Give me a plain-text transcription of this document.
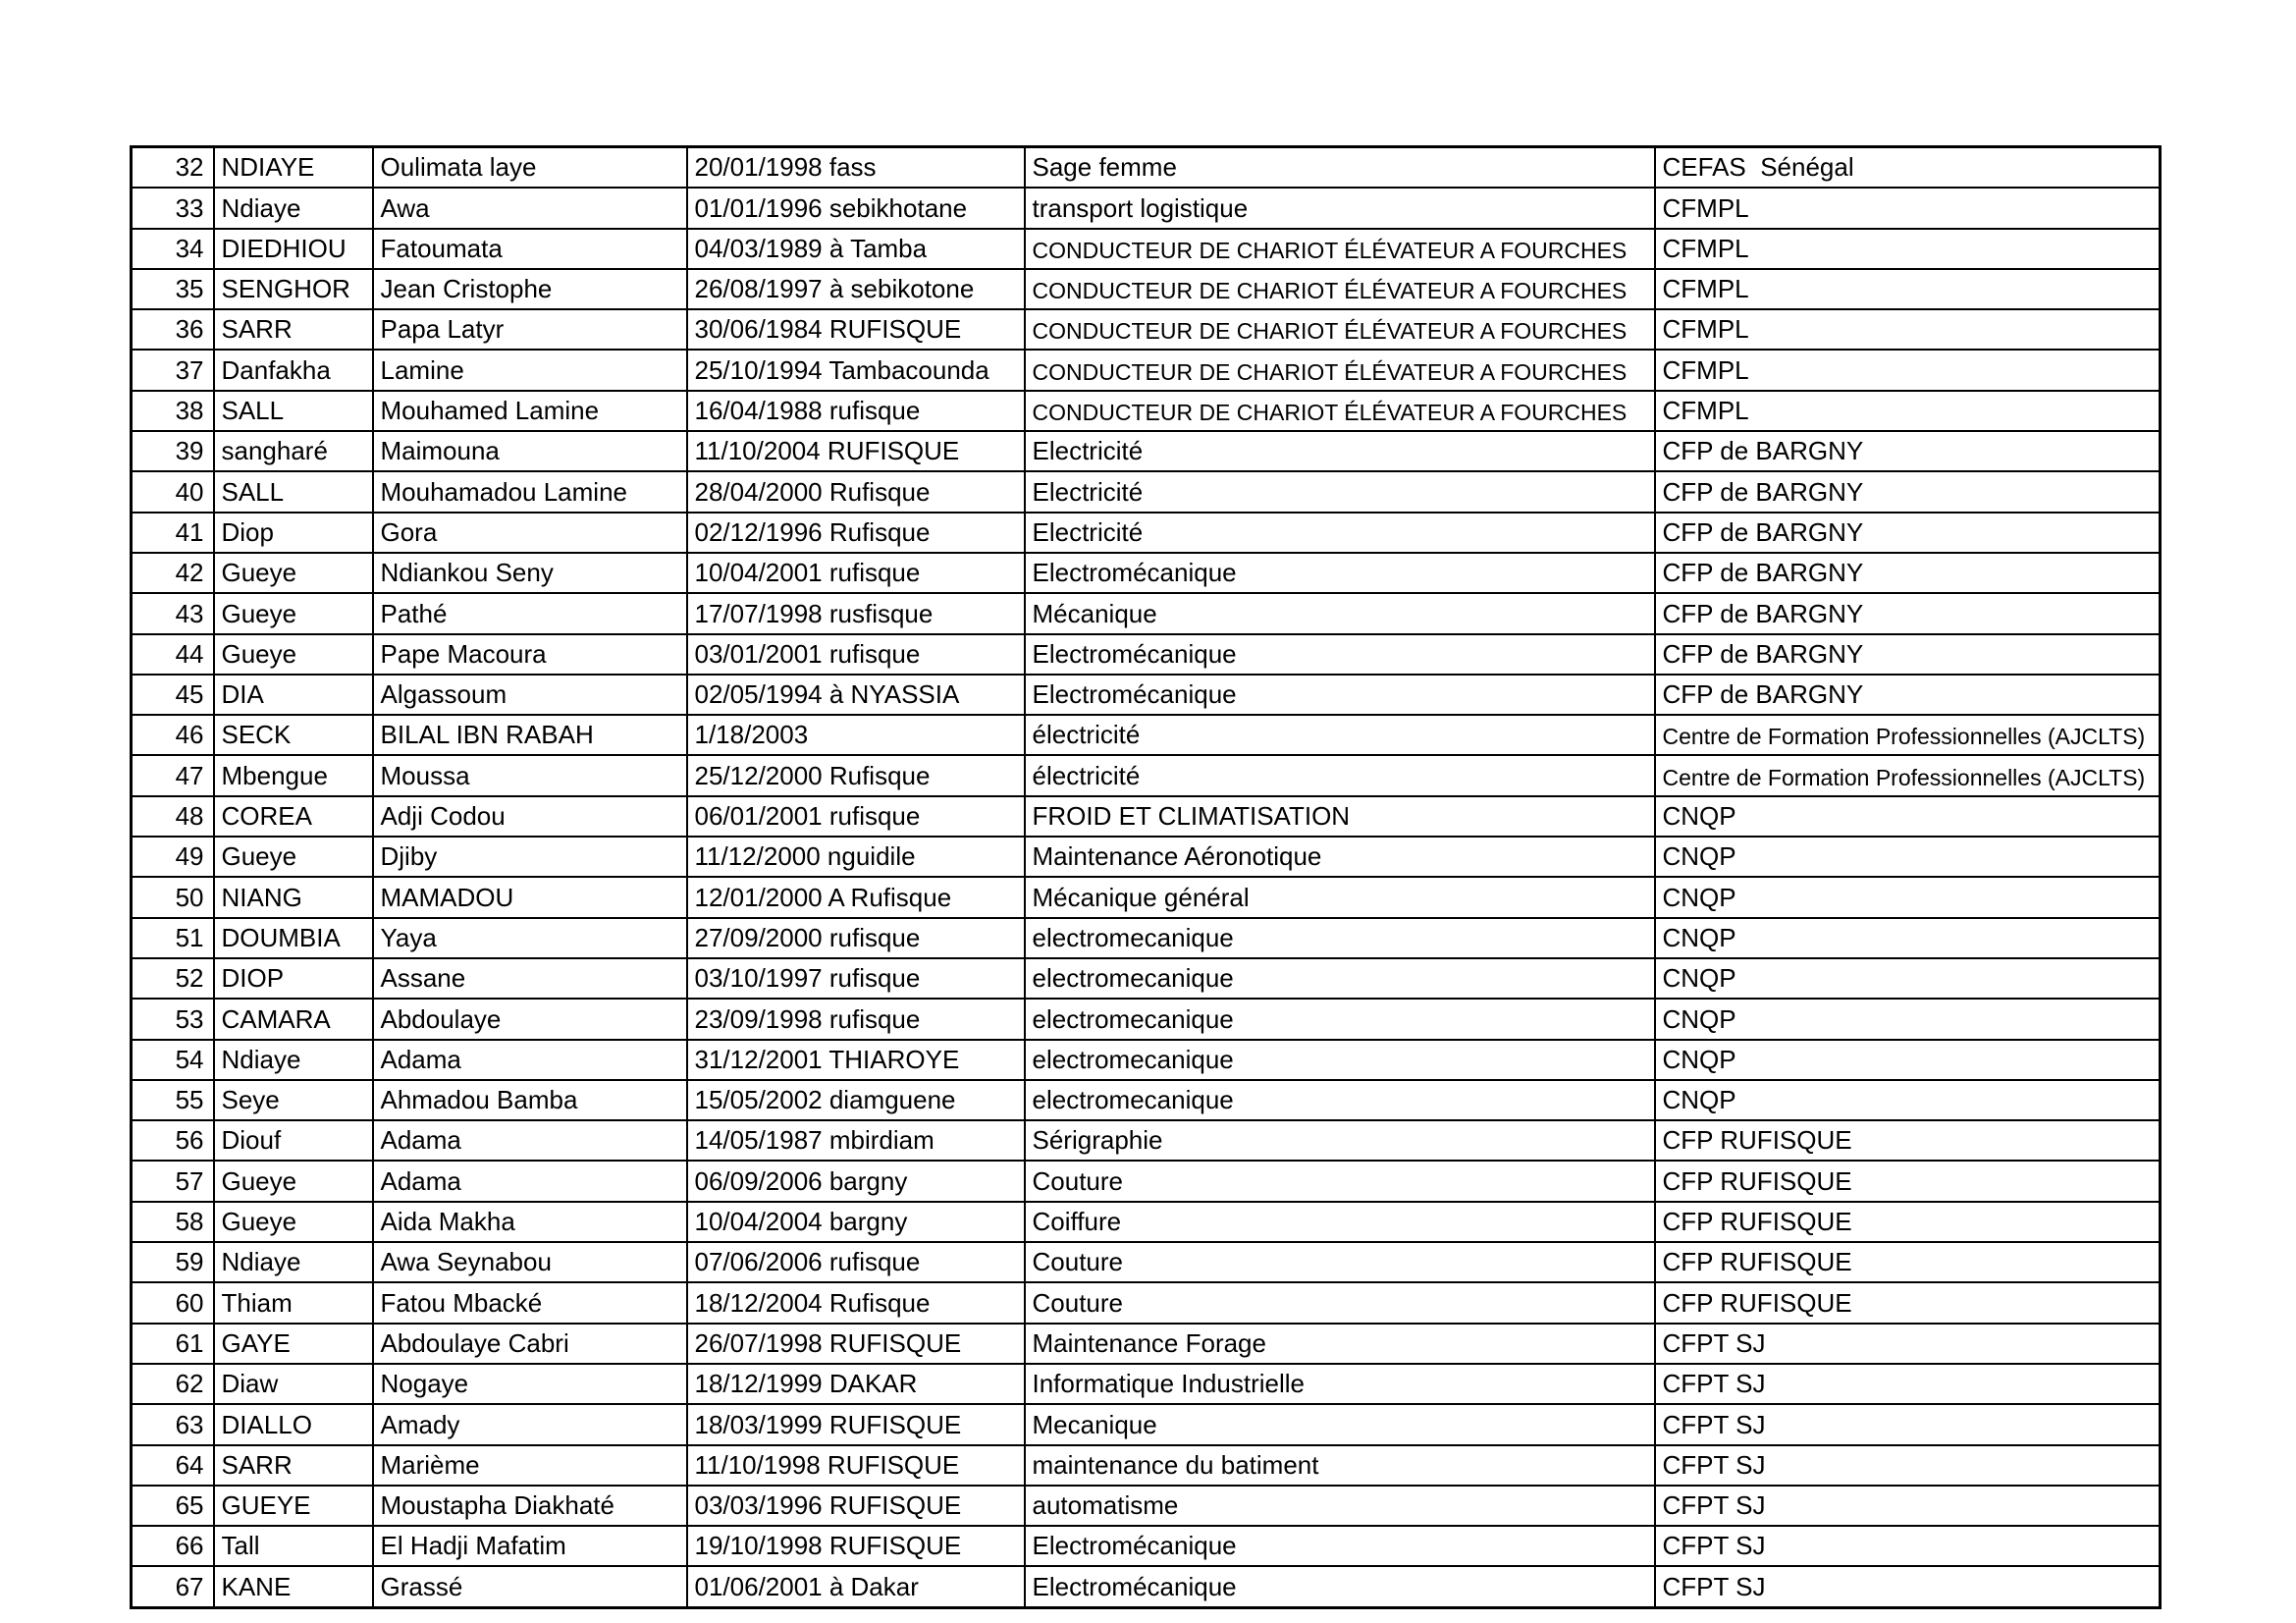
32	NDIAYE	Oulimata laye	20/01/1998 fass	Sage femme	CEFAS  Sénégal
33	Ndiaye	Awa	01/01/1996 sebikhotane	transport logistique	CFMPL
34	DIEDHIOU	Fatoumata	04/03/1989 à Tamba	CONDUCTEUR DE CHARIOT ÉLÉVATEUR A FOURCHES	CFMPL
35	SENGHOR	Jean Cristophe	26/08/1997 à sebikotone	CONDUCTEUR DE CHARIOT ÉLÉVATEUR A FOURCHES	CFMPL
36	SARR	Papa Latyr	30/06/1984 RUFISQUE	CONDUCTEUR DE CHARIOT ÉLÉVATEUR A FOURCHES	CFMPL
37	Danfakha	Lamine	25/10/1994 Tambacounda	CONDUCTEUR DE CHARIOT ÉLÉVATEUR A FOURCHES	CFMPL
38	SALL	Mouhamed Lamine	16/04/1988 rufisque	CONDUCTEUR DE CHARIOT ÉLÉVATEUR A FOURCHES	CFMPL
39	sangharé	Maimouna	11/10/2004 RUFISQUE	Electricité	CFP de BARGNY
40	SALL	Mouhamadou Lamine	28/04/2000 Rufisque	Electricité	CFP de BARGNY
41	Diop	Gora	02/12/1996 Rufisque	Electricité	CFP de BARGNY
42	Gueye	Ndiankou Seny	10/04/2001 rufisque	Electromécanique	CFP de BARGNY
43	Gueye	Pathé	17/07/1998 rusfisque	Mécanique	CFP de BARGNY
44	Gueye	Pape Macoura	03/01/2001 rufisque	Electromécanique	CFP de BARGNY
45	DIA	Algassoum	02/05/1994 à NYASSIA	Electromécanique	CFP de BARGNY
46	SECK	BILAL IBN RABAH	1/18/2003	électricité	Centre de Formation Professionnelles (AJCLTS)
47	Mbengue	Moussa	25/12/2000 Rufisque	électricité	Centre de Formation Professionnelles (AJCLTS)
48	COREA	Adji Codou	06/01/2001 rufisque	FROID ET CLIMATISATION	CNQP
49	Gueye	Djiby	11/12/2000 nguidile	Maintenance Aéronotique	CNQP
50	NIANG	MAMADOU	12/01/2000 A Rufisque	Mécanique général	CNQP
51	DOUMBIA	Yaya	27/09/2000 rufisque	electromecanique	CNQP
52	DIOP	Assane	03/10/1997 rufisque	electromecanique	CNQP
53	CAMARA	Abdoulaye	23/09/1998 rufisque	electromecanique	CNQP
54	Ndiaye	Adama	31/12/2001 THIAROYE	electromecanique	CNQP
55	Seye	Ahmadou Bamba	15/05/2002 diamguene	electromecanique	CNQP
56	Diouf	Adama	14/05/1987 mbirdiam	Sérigraphie	CFP RUFISQUE
57	Gueye	Adama	06/09/2006 bargny	Couture	CFP RUFISQUE
58	Gueye	Aida Makha	10/04/2004 bargny	Coiffure	CFP RUFISQUE
59	Ndiaye	Awa Seynabou	07/06/2006 rufisque	Couture	CFP RUFISQUE
60	Thiam	Fatou Mbacké	18/12/2004 Rufisque	Couture	CFP RUFISQUE
61	GAYE	Abdoulaye Cabri	26/07/1998 RUFISQUE	Maintenance Forage	CFPT SJ
62	Diaw	Nogaye	18/12/1999 DAKAR	Informatique Industrielle	CFPT SJ
63	DIALLO	Amady	18/03/1999 RUFISQUE	Mecanique	CFPT SJ
64	SARR	Marième	11/10/1998 RUFISQUE	maintenance du batiment	CFPT SJ
65	GUEYE	Moustapha Diakhaté	03/03/1996 RUFISQUE	automatisme	CFPT SJ
66	Tall	El Hadji Mafatim	19/10/1998 RUFISQUE	Electromécanique	CFPT SJ
67	KANE	Grassé	01/06/2001 à Dakar	Electromécanique	CFPT SJ
